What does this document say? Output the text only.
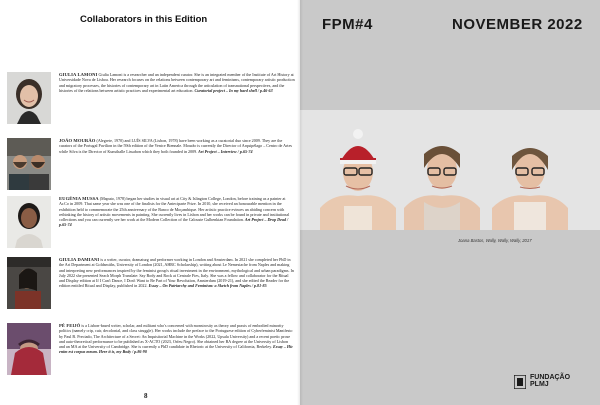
Collaborators in this Edition
GIULIA LAMONI Giulia Lamoni is a researcher and an independent curator. She is an integrated member of the Institute of Art History at Universidade Nova de Lisboa. Her research focuses on the relations between contemporary art and feminisms, contemporary artistic production and migratory processes, the histories of contemporary art in Latin America through the articulation of transnational perspectives, and the histories of the relations between artistic practices and experimental art education. Curatorial project – In my hard shell / p.46-63
JOÃO MOURÃO (Alegrete, 1970) and LUÍS SILVA (Lisbon, 1978) have been working as a curatorial duo since 2009. They are the curators of the Portugal Pavilion in the 59th edition of the Venice Biennale. Mourão is currently the Director of Arquipélago – Centro de Artes while Silva is the Director of Kunsthalle Lissabon which they both founded in 2009. Art Project – Interview / p.65-74
EUGÉNIA MUSSA (Maputo, 1978) began her studies in visual art at City & Islington College, London, before training as a painter at Ar.Co in 2009. That same year she was one of the finalists for the Anteciparte Prize. In 2010, she received an honourable mention in the exhibition held to commemorate the 25th anniversary of the Banco de Moçambique. Her artistic practice evinces an abiding concern with rethinking the history of artistic movements in painting. She currently lives in Lisbon and her works can be found in private and institutional collections and you can currently see her work at the Modern Collection of the Calouste Gulbenkian Foundation. Art Project – Drop Dead / p.65-74
GIULIA DAMIANI is a writer, curator, dramaturg and performer working in London and Amsterdam. In 2021 she completed her PhD in the Art Department at Goldsmiths, University of London (2021, AHRC Scholarship), writing about Le Nemesiache from Naples and making and interpreting new performances inspired by the feminist group's ritual investment in the environment, mythological and urban paradigms. In July 2022 she presented Seach Morph Translate: Say Body and Rock at Centrale Fies, Italy. She was a fellow and collaborator for the Ritual and Display edition at If I Can't Dance, I Don't Want to Be Part of Your Revolution, Amsterdam (2019-21), and she edited the Reader for the edition entitled Ritual and Display, published in 2022. Essay – On Patriarchy and Feminism: a Sketch from Naples / p.81-85
PÉ FEIJÓ is a Lisbon-based writer, scholar, and militant who's concerned with monstrosity as theory and praxis of embodied minority politics (namely crip, cuir, decolonial, and class struggle). Her works include the preface to the Portuguese edition of Cyberfeminist Manifesto by Paul B. Preciado, The Architecture of a Secret: An Inquisitorial Machine in the Works (2022, Upsala University) and a recent poetic prose and auto-theoretical performance to be published as X-ACTO (2023, Orfeu Negro). She obtained her BA degree at the University of Lisbon and an MA at the University of Cambridge. She is currently a PhD candidate in Rhetoric at the University of California, Berkeley. Essay – Hic enim est corpus meum. Here it is, my Body / p.86-90
8
FPM#4	NOVEMBER 2022
Joana Bastos, Wally, Wally, Wally, 2017
FUNDAÇÃO
PLMJ
